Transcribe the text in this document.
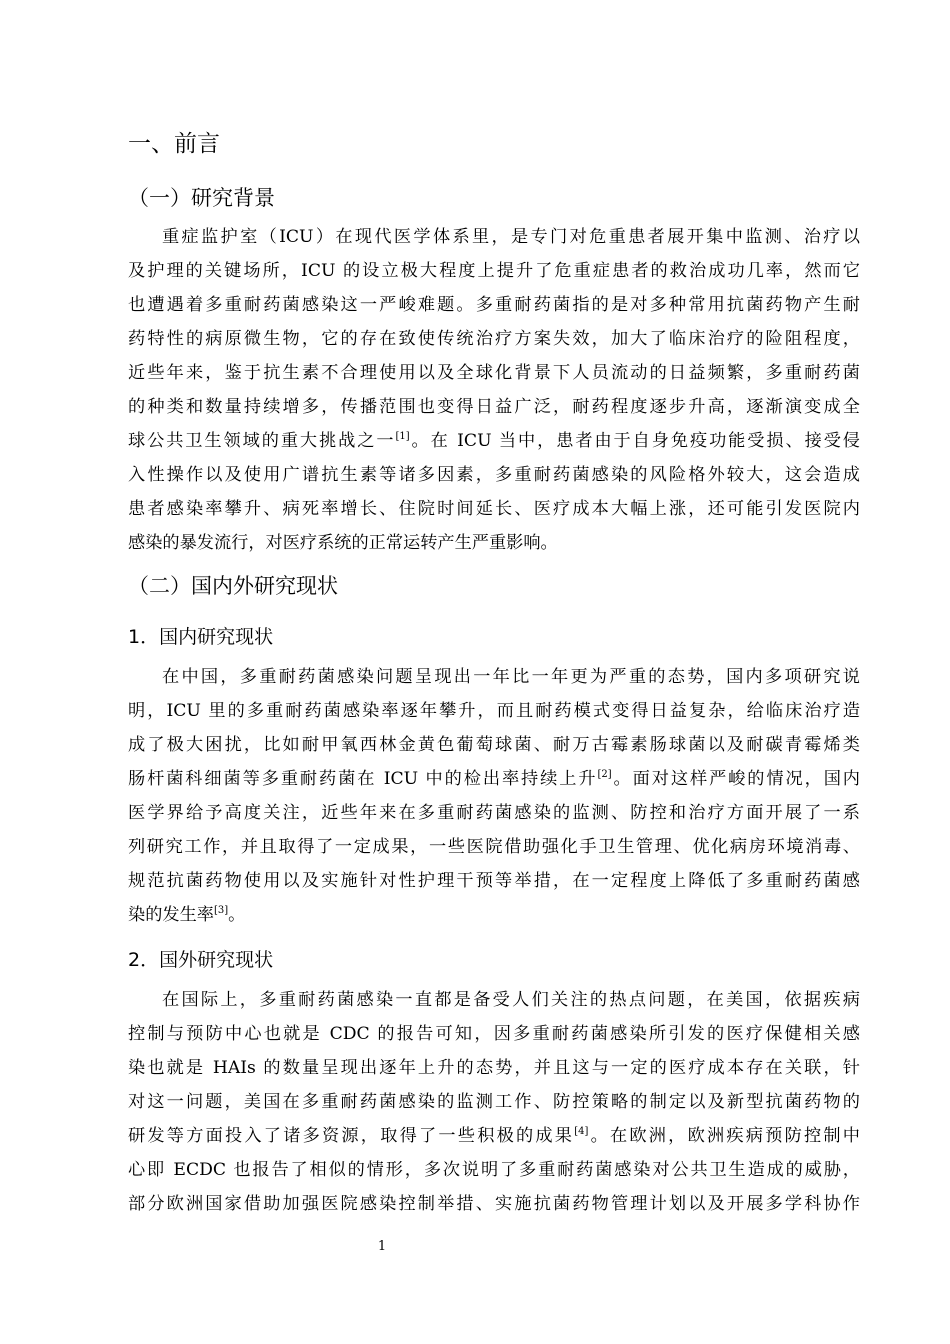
一、前言
（一）研究背景
重症监护室（ICU）在现代医学体系里，是专门对危重患者展开集中监测、治疗以
及护理的关键场所，ICU 的设立极大程度上提升了危重症患者的救治成功几率，然而它
也遭遇着多重耐药菌感染这一严峻难题。多重耐药菌指的是对多种常用抗菌药物产生耐
药特性的病原微生物，它的存在致使传统治疗方案失效，加大了临床治疗的险阻程度，
近些年来，鉴于抗生素不合理使用以及全球化背景下人员流动的日益频繁，多重耐药菌
的种类和数量持续增多，传播范围也变得日益广泛，耐药程度逐步升高，逐渐演变成全
球公共卫生领域的重大挑战之一[1]。在 ICU 当中，患者由于自身免疫功能受损、接受侵
入性操作以及使用广谱抗生素等诸多因素，多重耐药菌感染的风险格外较大，这会造成
患者感染率攀升、病死率增长、住院时间延长、医疗成本大幅上涨，还可能引发医院内
感染的暴发流行，对医疗系统的正常运转产生严重影响。
（二）国内外研究现状
1．国内研究现状
在中国，多重耐药菌感染问题呈现出一年比一年更为严重的态势，国内多项研究说
明，ICU 里的多重耐药菌感染率逐年攀升，而且耐药模式变得日益复杂，给临床治疗造
成了极大困扰，比如耐甲氧西林金黄色葡萄球菌、耐万古霉素肠球菌以及耐碳青霉烯类
肠杆菌科细菌等多重耐药菌在 ICU 中的检出率持续上升[2]。面对这样严峻的情况，国内
医学界给予高度关注，近些年来在多重耐药菌感染的监测、防控和治疗方面开展了一系
列研究工作，并且取得了一定成果，一些医院借助强化手卫生管理、优化病房环境消毒、
规范抗菌药物使用以及实施针对性护理干预等举措，在一定程度上降低了多重耐药菌感
染的发生率[3]。
2．国外研究现状
在国际上，多重耐药菌感染一直都是备受人们关注的热点问题，在美国，依据疾病
控制与预防中心也就是 CDC 的报告可知，因多重耐药菌感染所引发的医疗保健相关感
染也就是 HAIs 的数量呈现出逐年上升的态势，并且这与一定的医疗成本存在关联，针
对这一问题，美国在多重耐药菌感染的监测工作、防控策略的制定以及新型抗菌药物的
研发等方面投入了诸多资源，取得了一些积极的成果[4]。在欧洲，欧洲疾病预防控制中
心即 ECDC 也报告了相似的情形，多次说明了多重耐药菌感染对公共卫生造成的威胁，
部分欧洲国家借助加强医院感染控制举措、实施抗菌药物管理计划以及开展多学科协作
1
